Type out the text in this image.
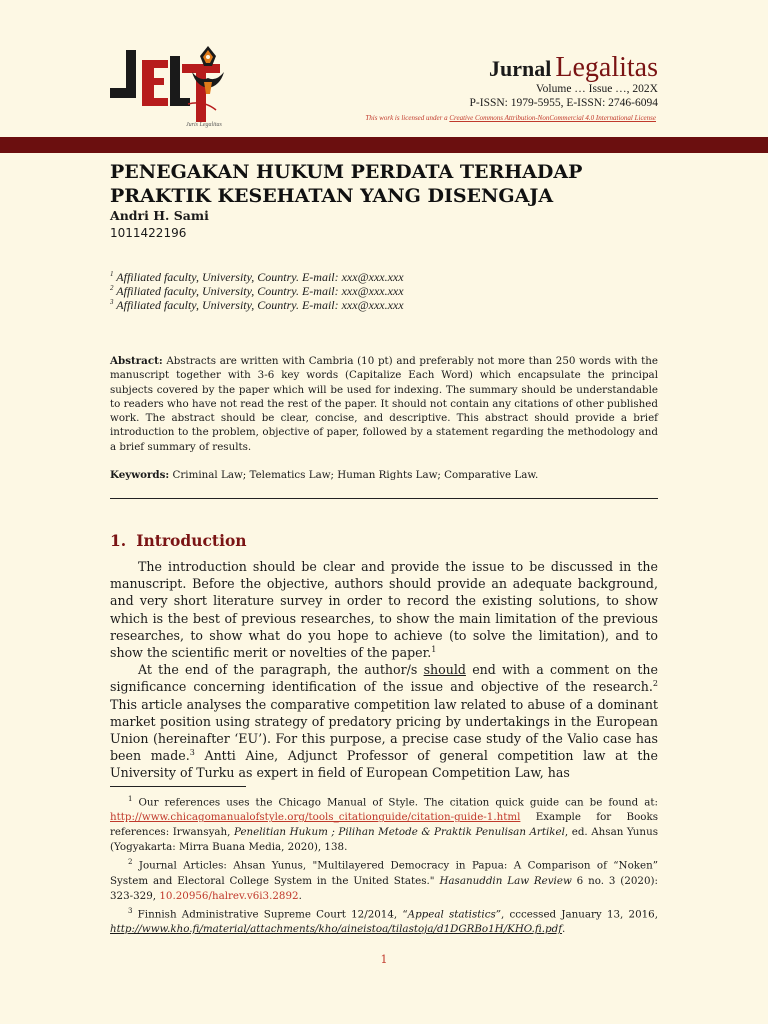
Juris Legalitas
Jurnal Legalitas
Volume … Issue …, 202X
P-ISSN: 1979-5955, E-ISSN: 2746-6094
This work is licensed under a Creative Commons Attribution-NonCommercial 4.0 International License
PENEGAKAN HUKUM PERDATA TERHADAP PRAKTIK KESEHATAN YANG DISENGAJA

Andri H. Sami

1011422196

$^1$ Affiliated faculty, University, Country. E-mail: xxx@xxx.xxx

$^2$ Affiliated faculty, University, Country. E-mail: xxx@xxx.xxx

$^3$ Affiliated faculty, University, Country. E-mail: xxx@xxx.xxx

Abstract: Abstracts are written with Cambria (10 pt) and preferably not more than 250 words with the manuscript together with 3-6 key words (Capitalize Each Word) which encapsulate the principal subjects covered by the paper which will be used for indexing. The summary should be understandable to readers who have not read the rest of the paper. It should not contain any citations of other published work. The abstract should be clear, concise, and descriptive. This abstract should provide a brief introduction to the problem, objective of paper, followed by a statement regarding the methodology and a brief summary of results.

Keywords: Criminal Law; Telematics Law; Human Rights Law; Comparative Law.

1. Introduction

The introduction should be clear and provide the issue to be discussed in the manuscript. Before the objective, authors should provide an adequate background, and very short literature survey in order to record the existing solutions, to show which is the best of previous researches, to show the main limitation of the previous researches, to show what do you hope to achieve (to solve the limitation), and to show the scientific merit or novelties of the paper.$^1$

At the end of the paragraph, the author/s should end with a comment on the significance concerning identification of the issue and objective of the research.$^2$ This article analyses the comparative competition law related to abuse of a dominant market position using strategy of predatory pricing by undertakings in the European Union (hereinafter ‘EU’). For this purpose, a precise case study of the Valio case has been made.$^3$ Antti Aine, Adjunct Professor of general competition law at the University of Turku as expert in field of European Competition Law, has

$^1$ Our references uses the Chicago Manual of Style. The citation quick guide can be found at: http://www.chicagomanualofstyle.org/tools_citationguide/citation-guide-1.html Example for Books references: Irwansyah, Penelitian Hukum ; Pilihan Metode & Praktik Penulisan Artikel, ed. Ahsan Yunus (Yogyakarta: Mirra Buana Media, 2020), 138.

$^2$ Journal Articles: Ahsan Yunus, "Multilayered Democracy in Papua: A Comparison of “Noken” System and Electoral College System in the United States." Hasanuddin Law Review 6 no. 3 (2020): 323-329, 10.20956/halrev.v6i3.2892.

$^3$ Finnish Administrative Supreme Court 12/2014, “Appeal statistics”, cccessed January 13, 2016, http://www.kho.fi/material/attachments/kho/aineistoa/tilastoja/d1DGRBo1H/KHO.fi.pdf.

1
